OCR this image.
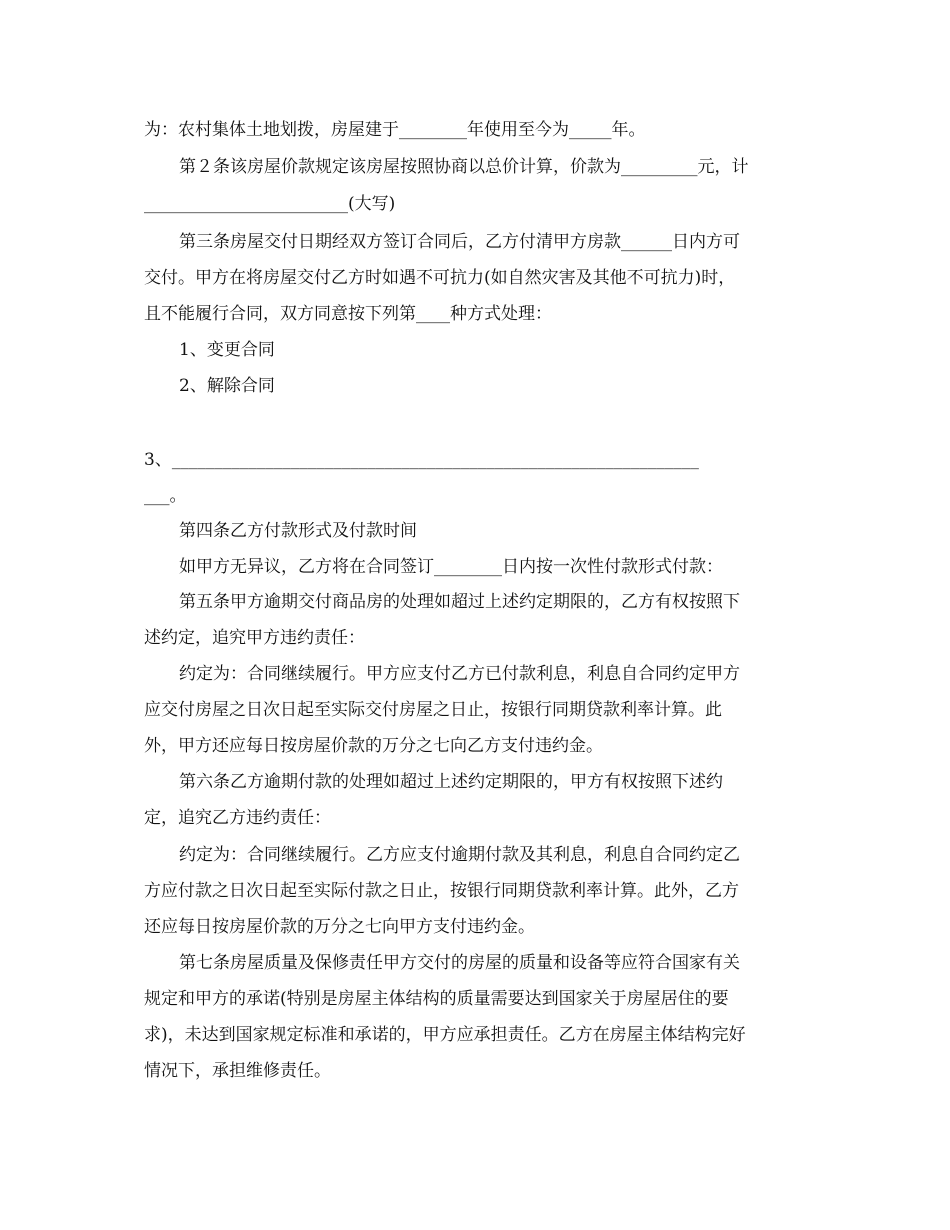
为：农村集体土地划拨，房屋建于________年使用至今为_____年。
第２条该房屋价款规定该房屋按照协商以总价计算，价款为_________元，计
________________________(大写)
第三条房屋交付日期经双方签订合同后，乙方付清甲方房款______日内方可
交付。甲方在将房屋交付乙方时如遇不可抗力(如自然灾害及其他不可抗力)时，
且不能履行合同，双方同意按下列第____种方式处理：
1、变更合同
2、解除合同
3、______________________________________________________________
___。
第四条乙方付款形式及付款时间
如甲方无异议，乙方将在合同签订________日内按一次性付款形式付款：
第五条甲方逾期交付商品房的处理如超过上述约定期限的，乙方有权按照下
述约定，追究甲方违约责任：
约定为：合同继续履行。甲方应支付乙方已付款利息，利息自合同约定甲方
应交付房屋之日次日起至实际交付房屋之日止，按银行同期贷款利率计算。此
外，甲方还应每日按房屋价款的万分之七向乙方支付违约金。
第六条乙方逾期付款的处理如超过上述约定期限的，甲方有权按照下述约
定，追究乙方违约责任：
约定为：合同继续履行。乙方应支付逾期付款及其利息，利息自合同约定乙
方应付款之日次日起至实际付款之日止，按银行同期贷款利率计算。此外，乙方
还应每日按房屋价款的万分之七向甲方支付违约金。
第七条房屋质量及保修责任甲方交付的房屋的质量和设备等应符合国家有关
规定和甲方的承诺(特别是房屋主体结构的质量需要达到国家关于房屋居住的要
求)，未达到国家规定标准和承诺的，甲方应承担责任。乙方在房屋主体结构完好
情况下，承担维修责任。
